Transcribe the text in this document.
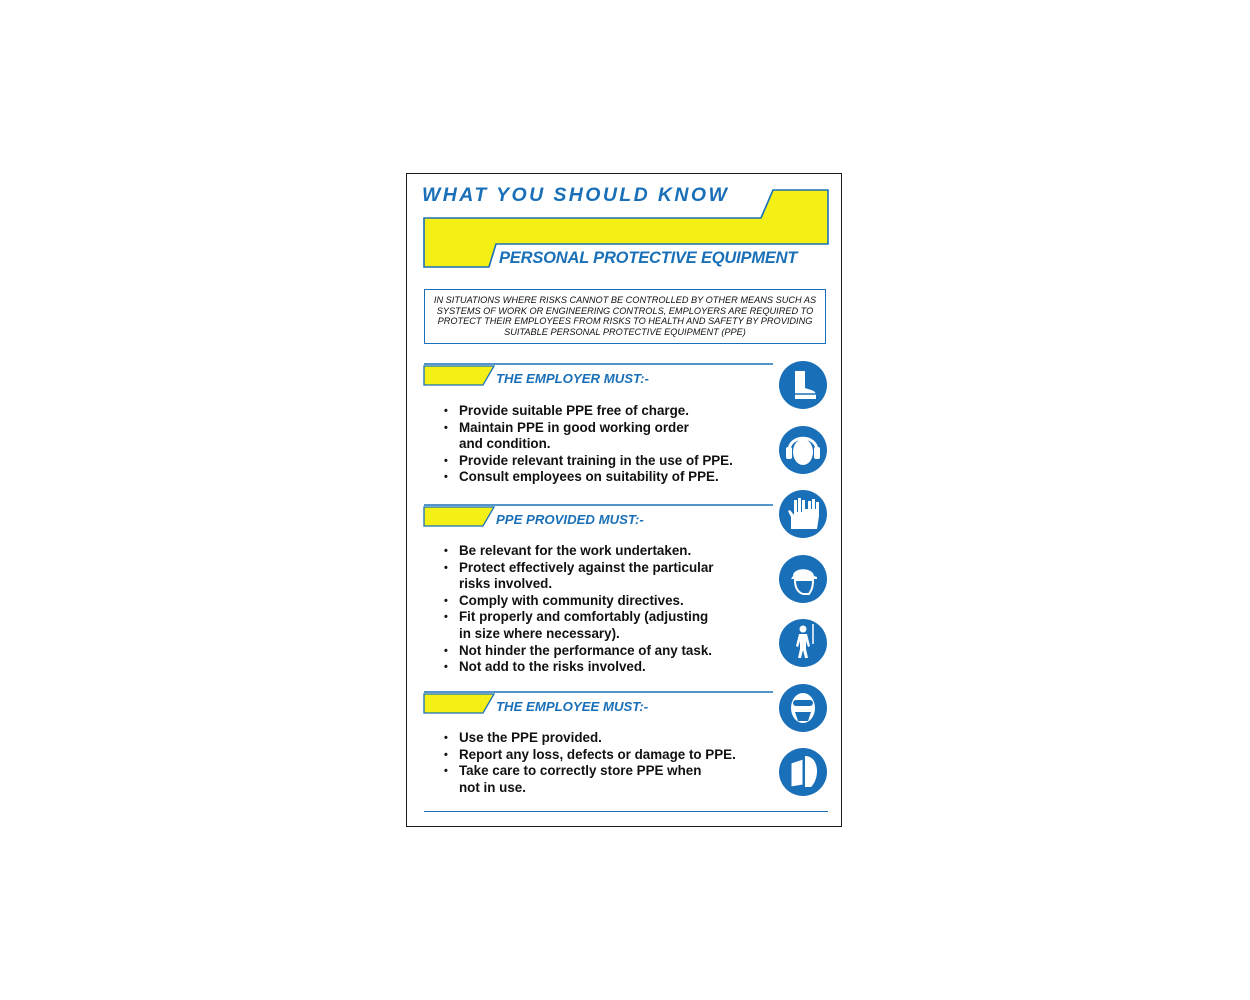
WHAT YOU SHOULD KNOW
PERSONAL PROTECTIVE EQUIPMENT
IN SITUATIONS WHERE RISKS CANNOT BE CONTROLLED BY OTHER MEANS SUCH AS SYSTEMS OF WORK OR ENGINEERING CONTROLS, EMPLOYERS ARE REQUIRED TO PROTECT THEIR EMPLOYEES FROM RISKS TO HEALTH AND SAFETY BY PROVIDING SUITABLE PERSONAL PROTECTIVE EQUIPMENT (PPE)
THE EMPLOYER MUST:-
• Provide suitable PPE free of charge.
• Maintain PPE in good working order and condition.
• Provide relevant training in the use of PPE.
• Consult employees on suitability of PPE.
PPE PROVIDED MUST:-
• Be relevant for the work undertaken.
• Protect effectively against the particular risks involved.
• Comply with community directives.
• Fit properly and comfortably (adjusting in size where necessary).
• Not hinder the performance of any task.
• Not add to the risks involved.
THE EMPLOYEE MUST:-
• Use the PPE provided.
• Report any loss, defects or damage to PPE.
• Take care to correctly store PPE when not in use.
